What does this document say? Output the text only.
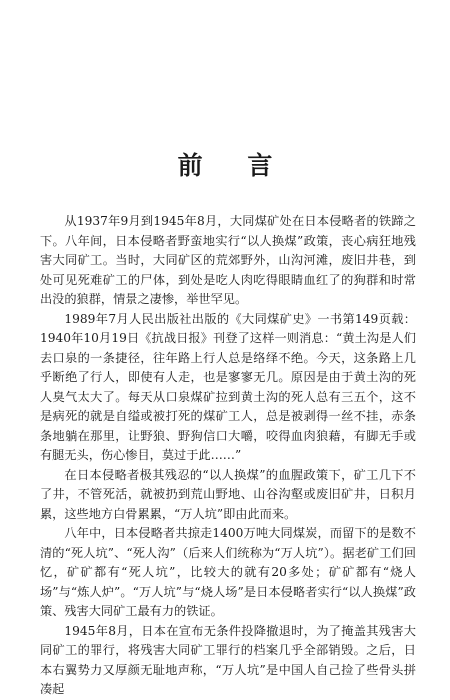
前 言

从1937年9月到1945年8月，大同煤矿处在日本侵略者的铁蹄之下。八年间，日本侵略者野蛮地实行“以人换煤”政策，丧心病狂地残害大同矿工。当时，大同矿区的荒郊野外，山沟河滩，废旧井巷，到处可见死难矿工的尸体，到处是吃人肉吃得眼睛血红了的狗群和时常出没的狼群，情景之凄惨，举世罕见。

1989年7月人民出版社出版的《大同煤矿史》一书第149页载：1940年10月19日《抗战日报》刊登了这样一则消息：“黄土沟是人们去口泉的一条捷径，往年路上行人总是络绎不绝。今天，这条路上几乎断绝了行人，即使有人走，也是寥寥无几。原因是由于黄土沟的死人臭气太大了。每天从口泉煤矿拉到黄土沟的死人总有三五个，这不是病死的就是自缢或被打死的煤矿工人，总是被剥得一丝不挂，赤条条地躺在那里，让野狼、野狗信口大嚼，咬得血肉狼藉，有脚无手或有腿无头，伤心惨目，莫过于此……”

在日本侵略者极其残忍的“以人换煤”的血腥政策下，矿工几下不了井，不管死活，就被扔到荒山野地、山谷沟壑或废旧矿井，日积月累，这些地方白骨累累，“万人坑”即由此而来。

八年中，日本侵略者共掠走1400万吨大同煤炭，而留下的是数不清的“死人坑”、“死人沟”（后来人们统称为“万人坑”）。据老矿工们回忆，矿矿都有“死人坑”，比较大的就有20多处；矿矿都有“烧人场”与“炼人炉”。“万人坑”与“烧人场”是日本侵略者实行“以人换煤”政策、残害大同矿工最有力的铁证。

1945年8月，日本在宣布无条件投降撤退时，为了掩盖其残害大同矿工的罪行，将残害大同矿工罪行的档案几乎全部销毁。之后，日本右翼势力又厚颜无耻地声称，“万人坑”是中国人自己捡了些骨头拼凑起
